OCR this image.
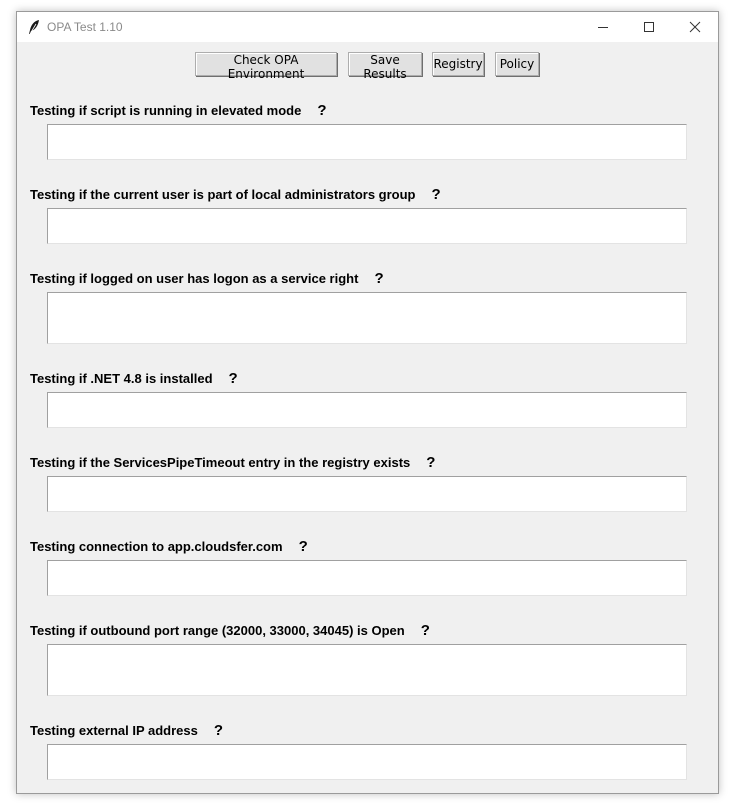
OPA Test 1.10
Check OPA Environment
Save Results
Registry	Policy
Testing if script is running in elevated mode ?
Testing if the current user is part of local administrators group ?
Testing if logged on user has logon as a service right ?
Testing if .NET 4.8 is installed ?
Testing if the ServicesPipeTimeout entry in the registry exists ?
Testing connection to app.cloudsfer.com ?
Testing if outbound port range (32000, 33000, 34045) is Open ?
Testing external IP address ?
